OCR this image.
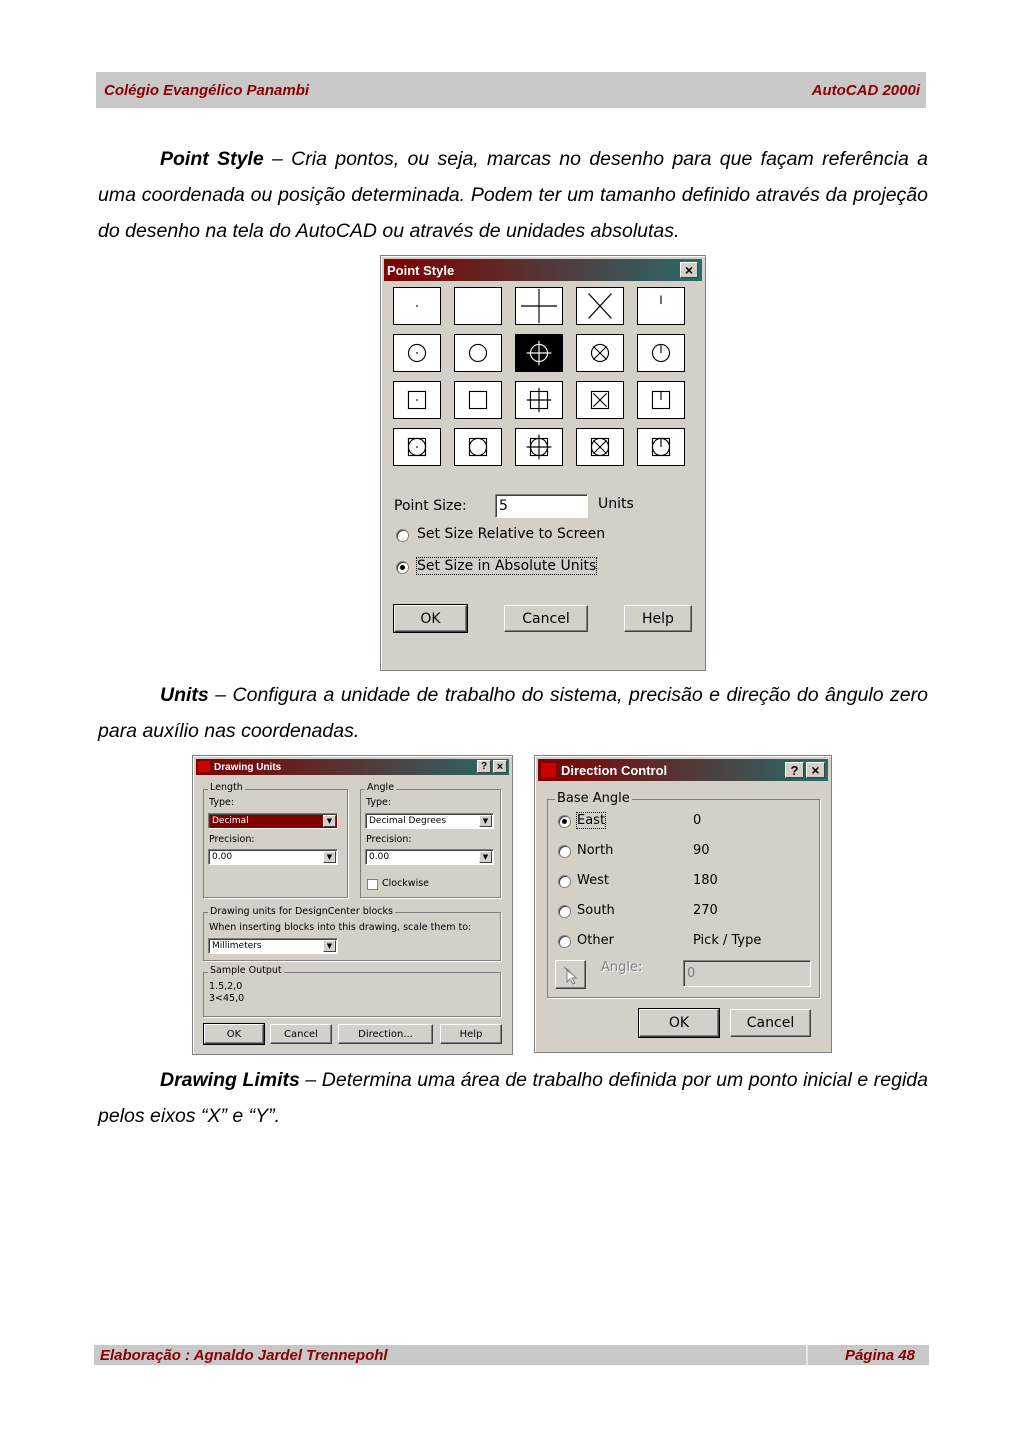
Colégio Evangélico Panambi	AutoCAD 2000i
Point Style – Cria pontos, ou seja, marcas no desenho para que façam referência a uma coordenada ou posição determinada. Podem ter um tamanho definido através da projeção do desenho na tela do AutoCAD ou através de unidades absolutas.
Point Style	×
Point Size: 5	Units
Set Size Relative to Screen
Set Size in Absolute Units
OK	Cancel	Help
Units – Configura a unidade de trabalho do sistema, precisão e direção do ângulo zero para auxílio nas coordenadas.
Drawing Units	? ×
Length
Type:
Decimal	▼
Precision:
0.00	▼
Angle
Type:
Decimal Degrees	▼
Precision:
0.00	▼
Clockwise
Drawing units for DesignCenter blocks
When inserting blocks into this drawing, scale them to:
Millimeters	▼
Sample Output
1.5,2,0
3<45,0
OK	Cancel	Direction...	Help
Direction Control	? ×
Base Angle
East	0
North	90
West	180
South	270
Other	Pick / Type
Angle:	0
OK	Cancel
Drawing Limits – Determina uma área de trabalho definida por um ponto inicial e regida pelos eixos “X” e “Y”.
Elaboração : Agnaldo Jardel Trennepohl	Página 48
